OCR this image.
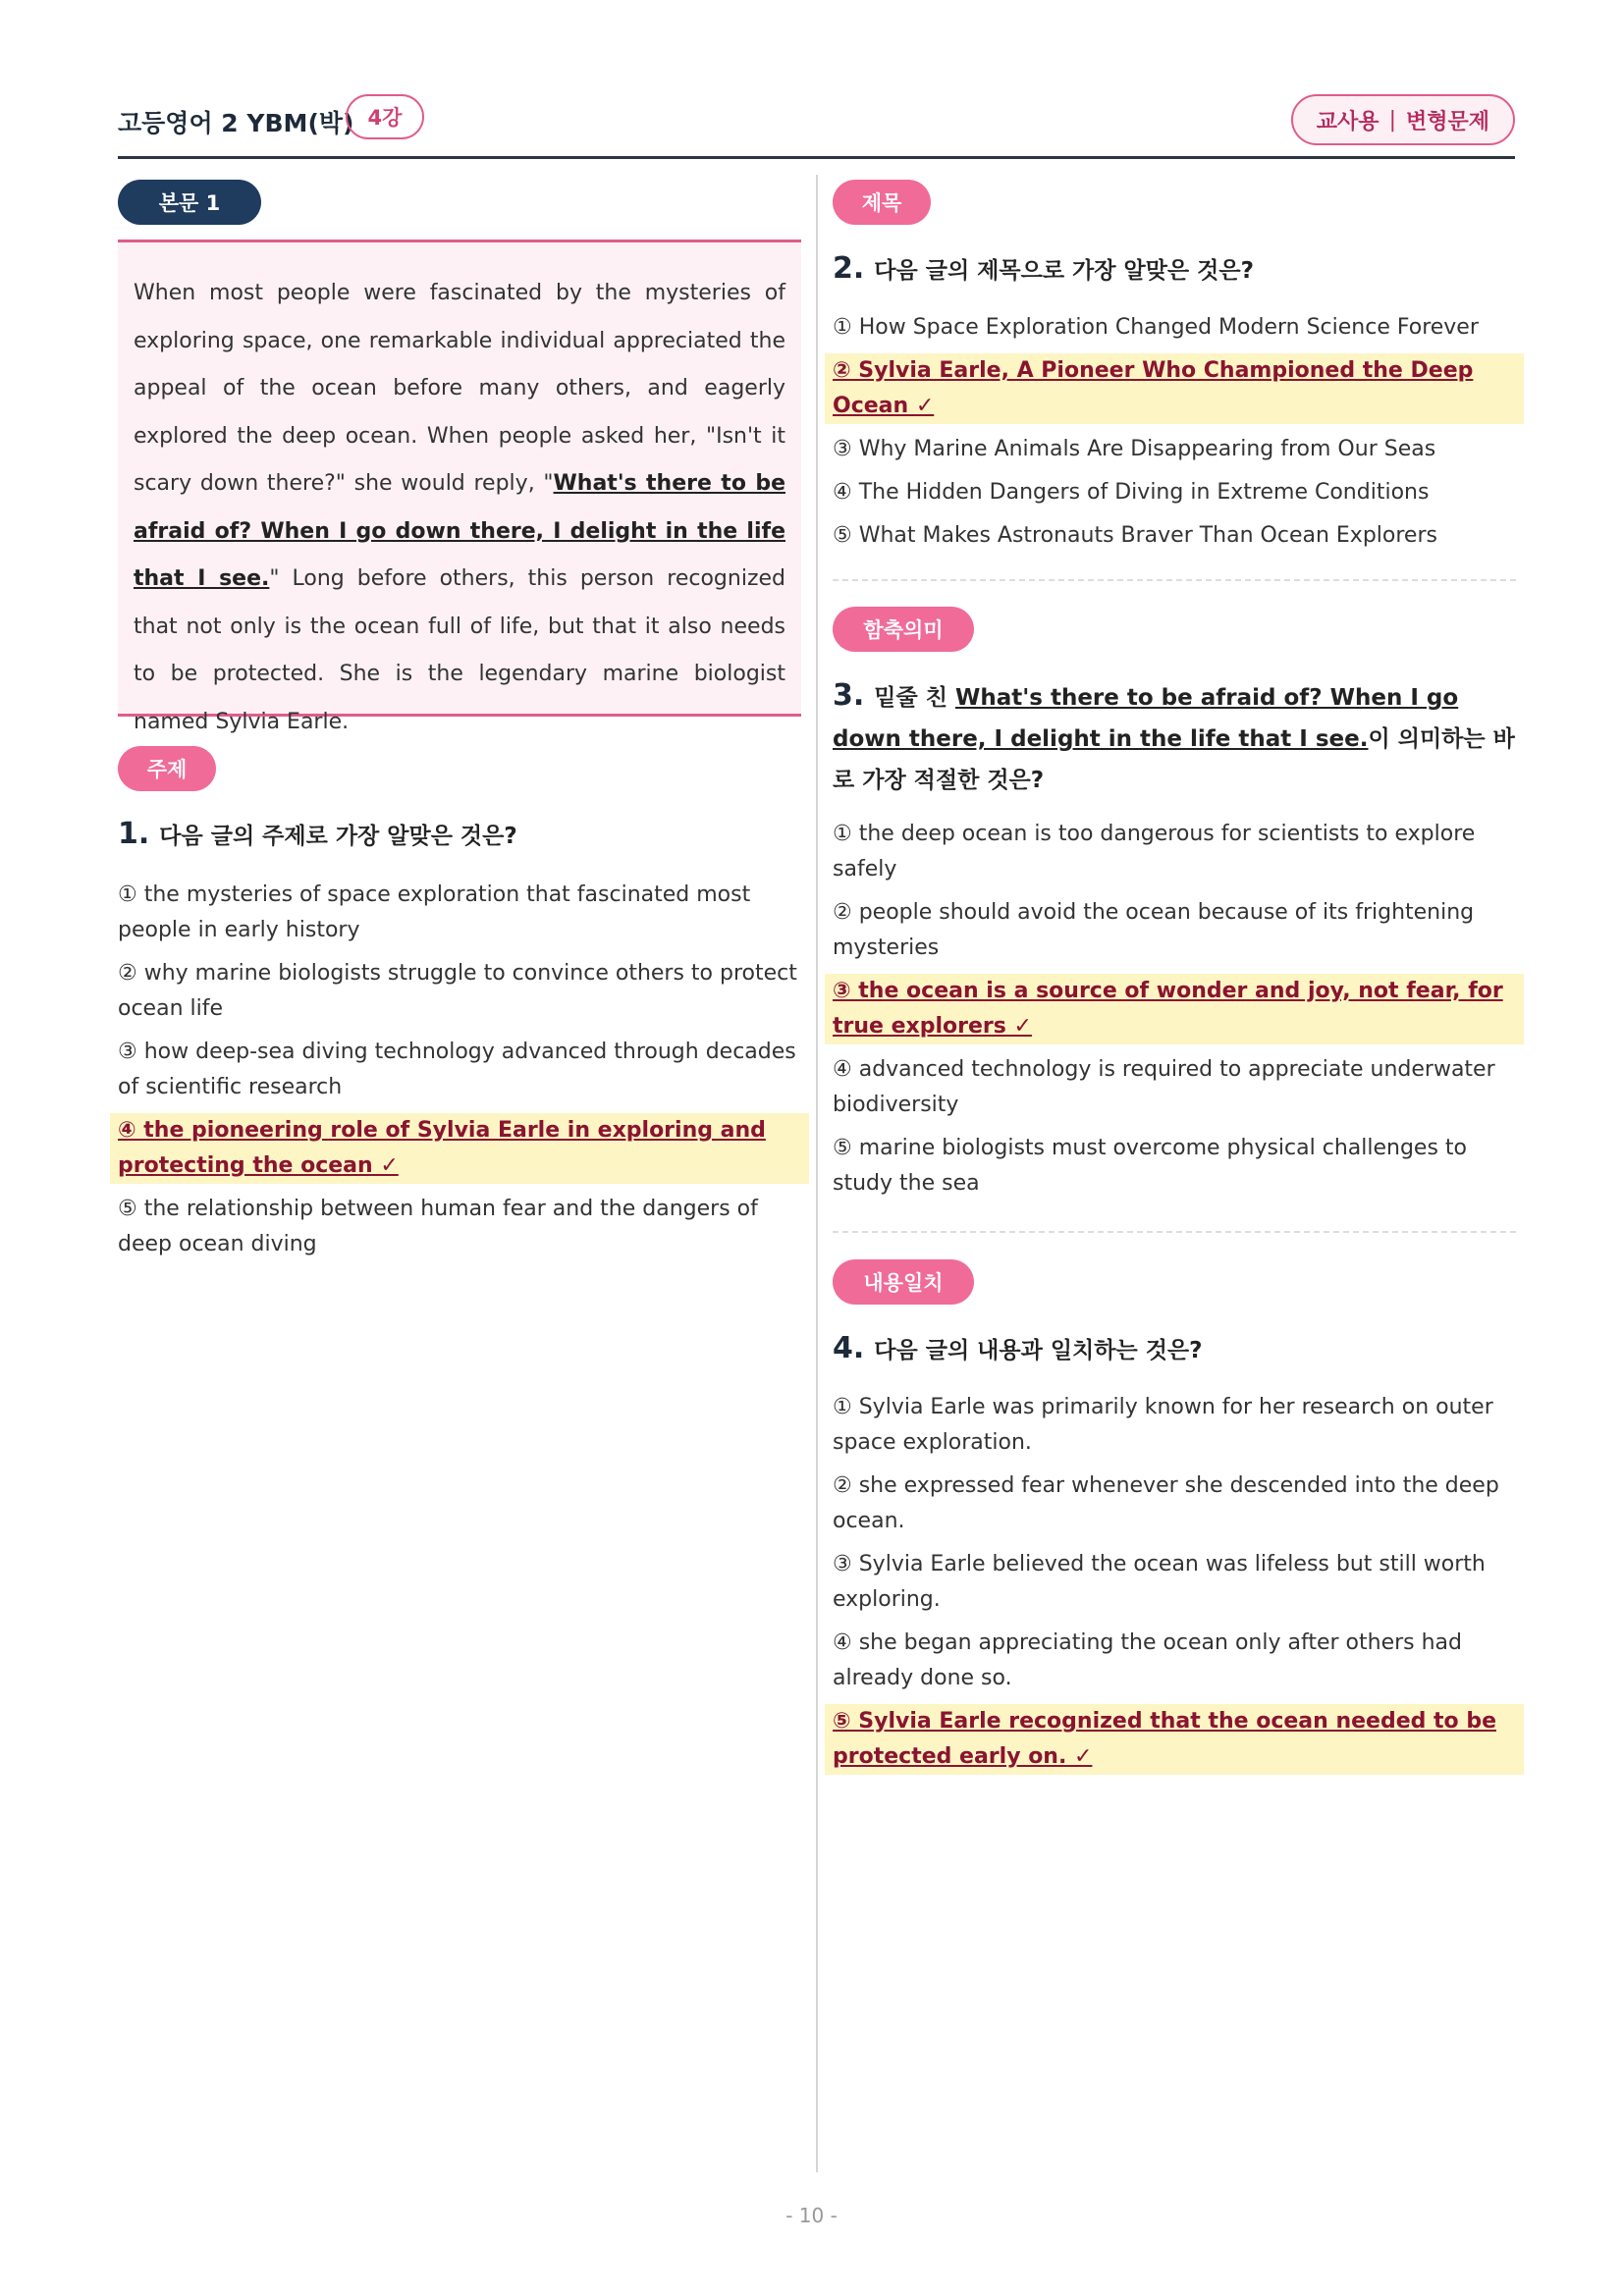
고등영어 2 YBM(박) 4강	교사용 | 변형문제
본문 1

When most people were fascinated by the mysteries of exploring space, one remarkable individual appreciated the appeal of the ocean before many others, and eagerly explored the deep ocean. When people asked her, "Isn't it scary down there?" she would reply, "What's there to be afraid of? When I go down there, I delight in the life that I see." Long before others, this person recognized that not only is the ocean full of life, but that it also needs to be protected. She is the legendary marine biologist named Sylvia Earle.

주제
1. 다음 글의 주제로 가장 알맞은 것은?
① the mysteries of space exploration that fascinated most people in early history
② why marine biologists struggle to convince others to protect ocean life
③ how deep-sea diving technology advanced through decades of scientific research
④ the pioneering role of Sylvia Earle in exploring and protecting the ocean ✓
⑤ the relationship between human fear and the dangers of deep ocean diving
제목
2. 다음 글의 제목으로 가장 알맞은 것은?
① How Space Exploration Changed Modern Science Forever
② Sylvia Earle, A Pioneer Who Championed the Deep Ocean ✓
③ Why Marine Animals Are Disappearing from Our Seas
④ The Hidden Dangers of Diving in Extreme Conditions
⑤ What Makes Astronauts Braver Than Ocean Explorers
함축의미
3. 밑줄 친 What's there to be afraid of? When I go down there, I delight in the life that I see.이 의미하는 바로 가장 적절한 것은?
① the deep ocean is too dangerous for scientists to explore safely
② people should avoid the ocean because of its frightening mysteries
③ the ocean is a source of wonder and joy, not fear, for true explorers ✓
④ advanced technology is required to appreciate underwater biodiversity
⑤ marine biologists must overcome physical challenges to study the sea
내용일치
4. 다음 글의 내용과 일치하는 것은?
① Sylvia Earle was primarily known for her research on outer space exploration.
② she expressed fear whenever she descended into the deep ocean.
③ Sylvia Earle believed the ocean was lifeless but still worth exploring.
④ she began appreciating the ocean only after others had already done so.
⑤ Sylvia Earle recognized that the ocean needed to be protected early on. ✓
- 10 -
